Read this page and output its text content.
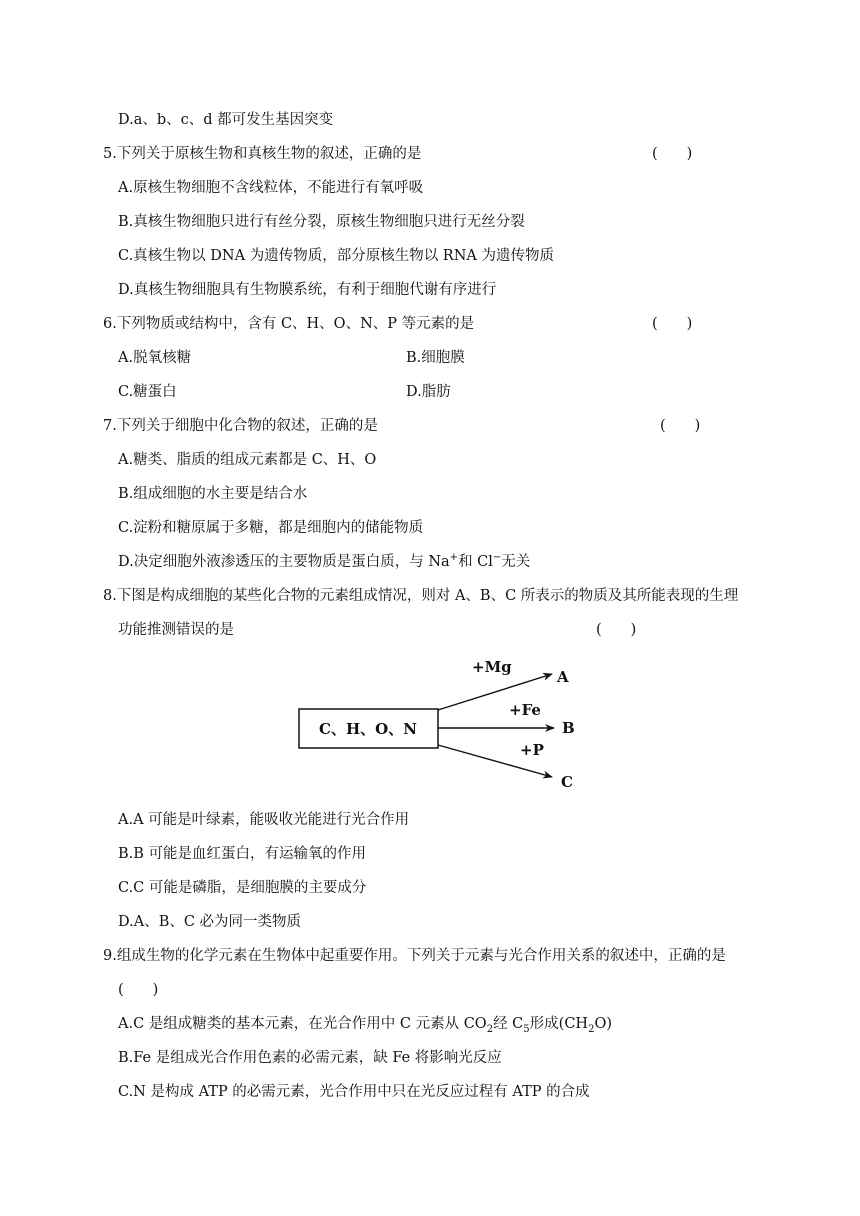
D.a、b、c、d 都可发生基因突变
5.下列关于原核生物和真核生物的叙述，正确的是	(　　)
A.原核生物细胞不含线粒体，不能进行有氧呼吸
B.真核生物细胞只进行有丝分裂，原核生物细胞只进行无丝分裂
C.真核生物以 DNA 为遗传物质，部分原核生物以 RNA 为遗传物质
D.真核生物细胞具有生物膜系统，有利于细胞代谢有序进行
6.下列物质或结构中，含有 C、H、O、N、P 等元素的是	(　　)
A.脱氧核糖	B.细胞膜
C.糖蛋白	D.脂肪
7.下列关于细胞中化合物的叙述，正确的是	(　　)
A.糖类、脂质的组成元素都是 C、H、O
B.组成细胞的水主要是结合水
C.淀粉和糖原属于多糖，都是细胞内的储能物质
D.决定细胞外液渗透压的主要物质是蛋白质，与 Na+和 Cl−无关
8.下图是构成细胞的某些化合物的元素组成情况，则对 A、B、C 所表示的物质及其所能表现的生理
功能推测错误的是	(　　)
C、H、O、N
+Mg
+Fe
+P
A
B
C
A.A 可能是叶绿素，能吸收光能进行光合作用
B.B 可能是血红蛋白，有运输氧的作用
C.C 可能是磷脂，是细胞膜的主要成分
D.A、B、C 必为同一类物质
9.组成生物的化学元素在生物体中起重要作用。下列关于元素与光合作用关系的叙述中，正确的是
(　　)
A.C 是组成糖类的基本元素，在光合作用中 C 元素从 $CO_2$经 $C_5$形成$(CH_2O)$
B.Fe 是组成光合作用色素的必需元素，缺 Fe 将影响光反应
C.N 是构成 ATP 的必需元素，光合作用中只在光反应过程有 ATP 的合成
